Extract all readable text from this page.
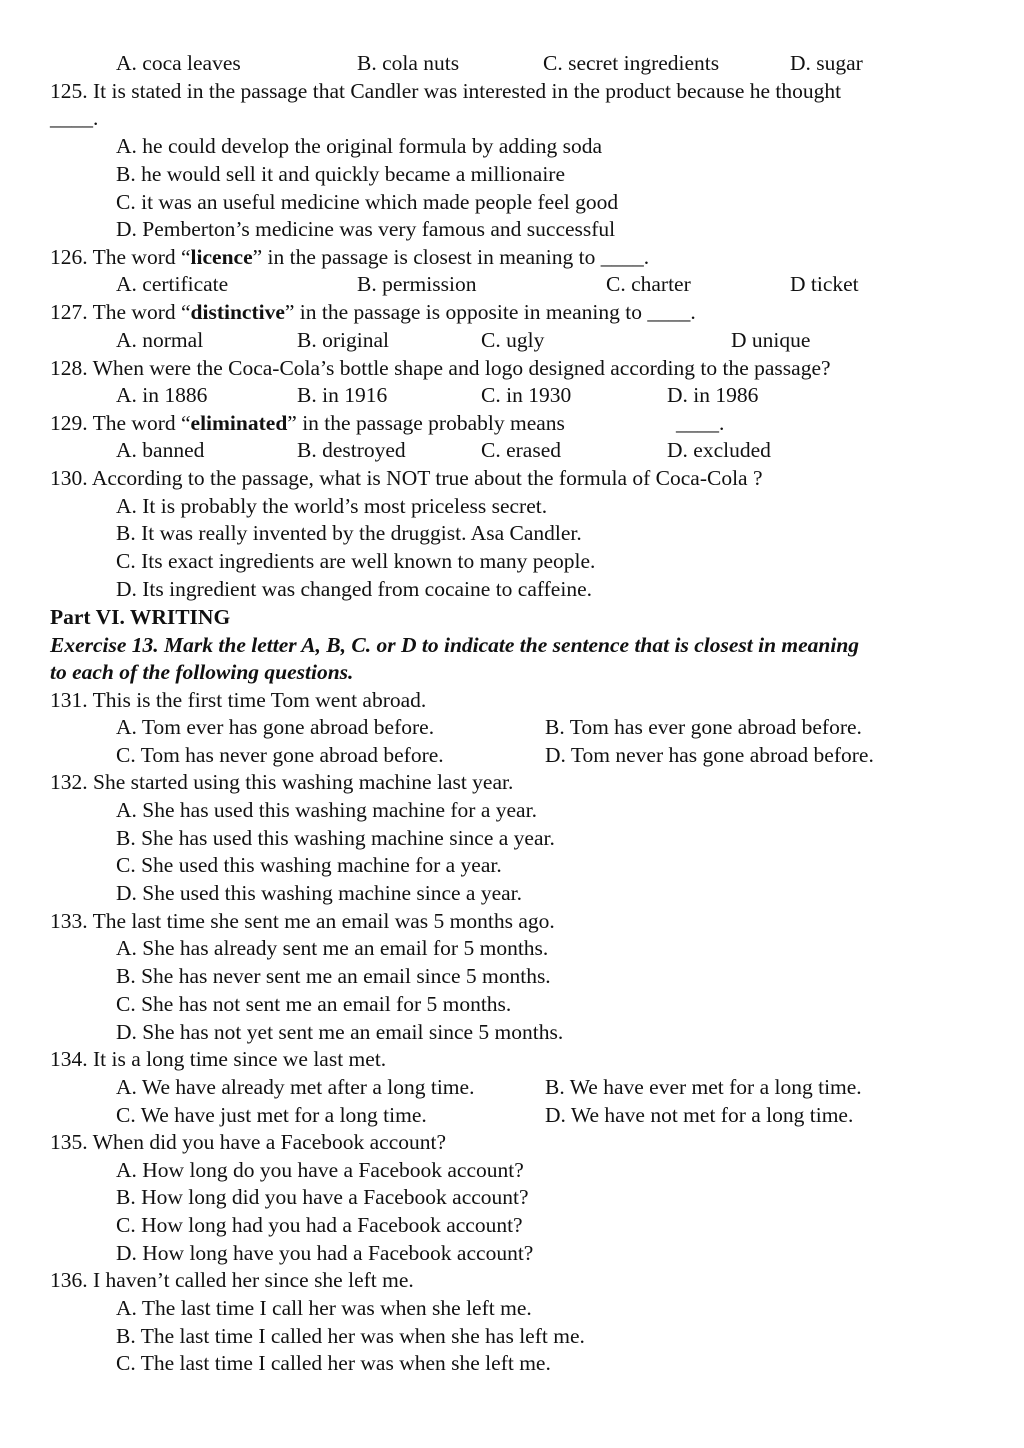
A. coca leaves	B. cola nuts	C. secret ingredients	D. sugar
125. It is stated in the passage that Candler was interested in the product because he thought
____.
A. he could develop the original formula by adding soda
B. he would sell it and quickly became a millionaire
C. it was an useful medicine which made people feel good
D. Pemberton’s medicine was very famous and successful
126. The word “licence” in the passage is closest in meaning to ____.
A. certificate	B. permission	C. charter	D ticket
127. The word “distinctive” in the passage is opposite in meaning to ____.
A. normal	B. original	C. ugly	D unique
128. When were the Coca-Cola’s bottle shape and logo designed according to the passage?
A. in 1886	B. in 1916	C. in 1930	D. in 1986
129. The word “eliminated” in the passage probably means	____.
A. banned	B. destroyed	C. erased	D. excluded
130. According to the passage, what is NOT true about the formula of Coca-Cola ?
A. It is probably the world’s most priceless secret.
B. It was really invented by the druggist. Asa Candler.
C. Its exact ingredients are well known to many people.
D. Its ingredient was changed from cocaine to caffeine.
Part VI. WRITING
Exercise 13. Mark the letter A, B, C. or D to indicate the sentence that is closest in meaning
to each of the following questions.
131. This is the first time Tom went abroad.
A. Tom ever has gone abroad before.	B. Tom has ever gone abroad before.
C. Tom has never gone abroad before.	D. Tom never has gone abroad before.
132. She started using this washing machine last year.
A. She has used this washing machine for a year.
B. She has used this washing machine since a year.
C. She used this washing machine for a year.
D. She used this washing machine since a year.
133. The last time she sent me an email was 5 months ago.
A. She has already sent me an email for 5 months.
B. She has never sent me an email since 5 months.
C. She has not sent me an email for 5 months.
D. She has not yet sent me an email since 5 months.
134. It is a long time since we last met.
A. We have already met after a long time.	B. We have ever met for a long time.
C. We have just met for a long time.	D. We have not met for a long time.
135. When did you have a Facebook account?
A. How long do you have a Facebook account?
B. How long did you have a Facebook account?
C. How long had you had a Facebook account?
D. How long have you had a Facebook account?
136. I haven’t called her since she left me.
A. The last time I call her was when she left me.
B. The last time I called her was when she has left me.
C. The last time I called her was when she left me.
